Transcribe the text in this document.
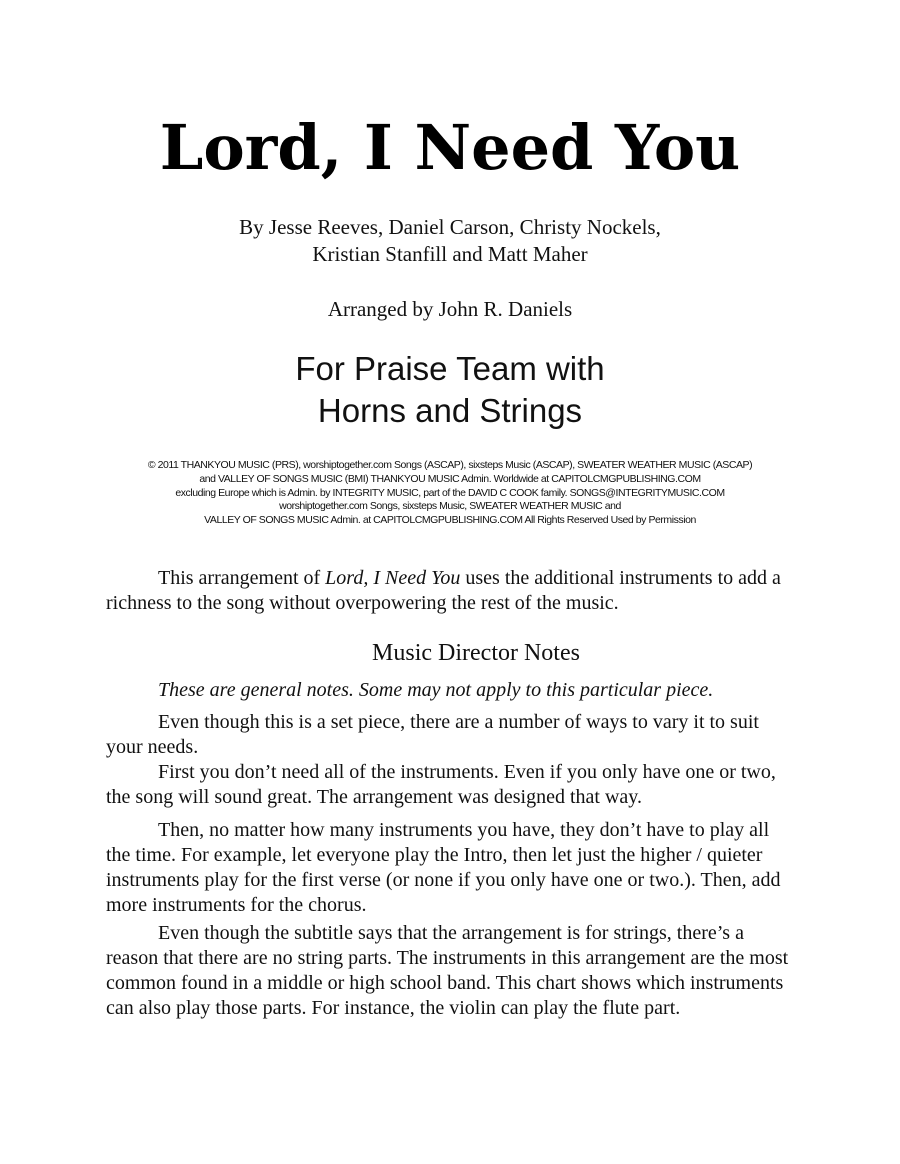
Lord, I Need You

By Jesse Reeves, Daniel Carson, Christy Nockels,
Kristian Stanfill and Matt Maher

Arranged by John R. Daniels

For Praise Team with
Horns and Strings

© 2011 THANKYOU MUSIC (PRS), worshiptogether.com Songs (ASCAP), sixsteps Music (ASCAP), SWEATER WEATHER MUSIC (ASCAP)
and VALLEY OF SONGS MUSIC (BMI) THANKYOU MUSIC Admin. Worldwide at CAPITOLCMGPUBLISHING.COM
excluding Europe which is Admin. by INTEGRITY MUSIC, part of the DAVID C COOK family. SONGS@INTEGRITYMUSIC.COM
worshiptogether.com Songs, sixsteps Music, SWEATER WEATHER MUSIC and
VALLEY OF SONGS MUSIC Admin. at CAPITOLCMGPUBLISHING.COM All Rights Reserved Used by Permission

This arrangement of Lord, I Need You uses the additional instruments to add a richness to the song without overpowering the rest of the music.

Music Director Notes

These are general notes. Some may not apply to this particular piece.

Even though this is a set piece, there are a number of ways to vary it to suit your needs.

First you don’t need all of the instruments. Even if you only have one or two, the song will sound great. The arrangement was designed that way.

Then, no matter how many instruments you have, they don’t have to play all the time. For example, let everyone play the Intro, then let just the higher / quieter instruments play for the first verse (or none if you only have one or two.). Then, add more instruments for the chorus.

Even though the subtitle says that the arrangement is for strings, there’s a reason that there are no string parts. The instruments in this arrangement are the most common found in a middle or high school band. This chart shows which instruments can also play those parts. For instance, the violin can play the flute part.
